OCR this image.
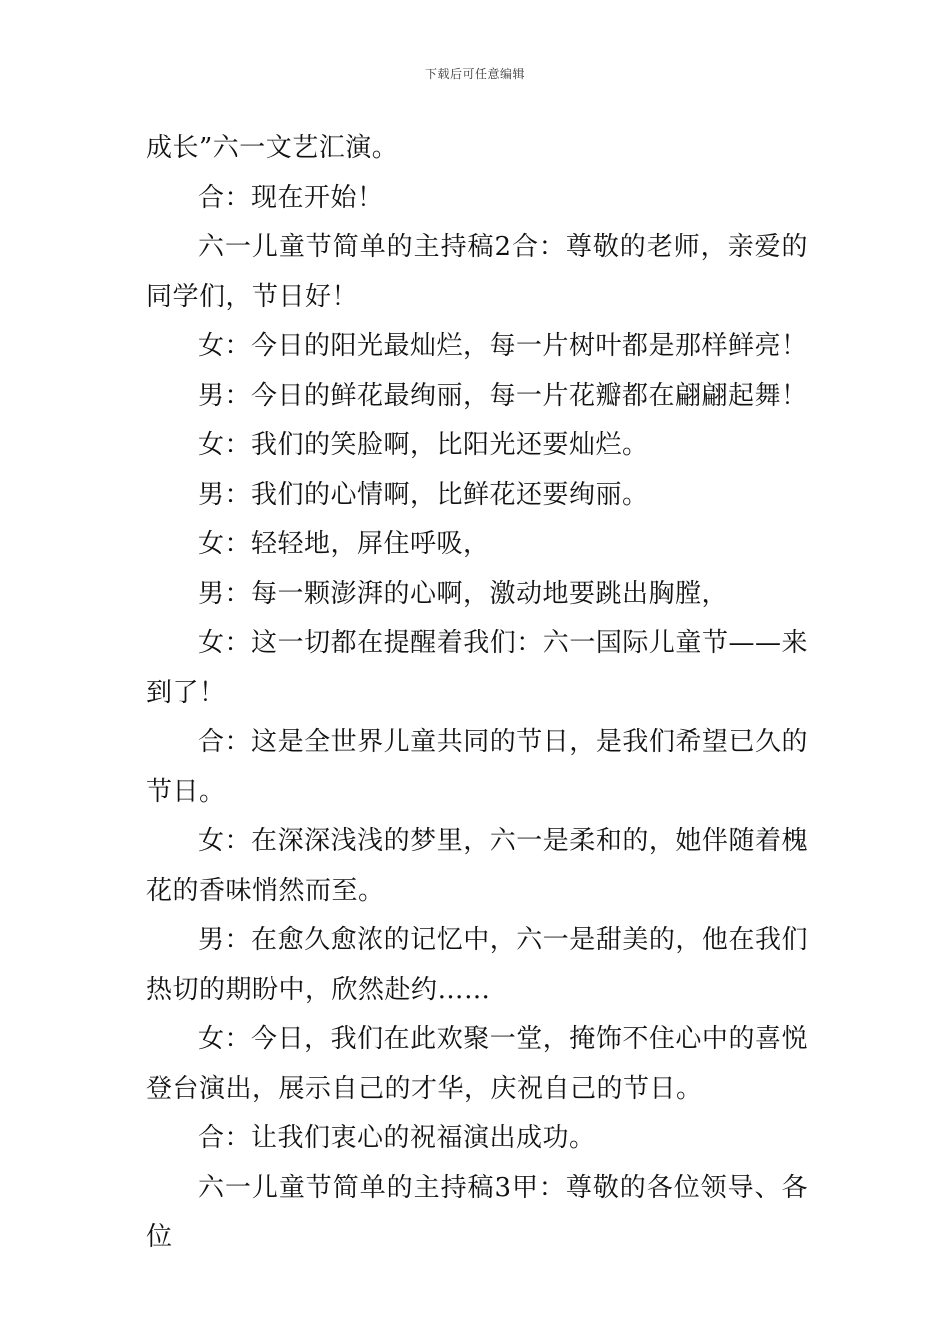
下载后可任意编辑

成长”六一文艺汇演。

合：现在开始！

六一儿童节简单的主持稿2合：尊敬的老师，亲爱的同学们，节日好！

女：今日的阳光最灿烂，每一片树叶都是那样鲜亮！

男：今日的鲜花最绚丽，每一片花瓣都在翩翩起舞！

女：我们的笑脸啊，比阳光还要灿烂。

男：我们的心情啊，比鲜花还要绚丽。

女：轻轻地，屏住呼吸，

男：每一颗澎湃的心啊，激动地要跳出胸膛，

女：这一切都在提醒着我们：六一国际儿童节——来到了！

合：这是全世界儿童共同的节日，是我们希望已久的节日。

女：在深深浅浅的梦里，六一是柔和的，她伴随着槐花的香味悄然而至。

男：在愈久愈浓的记忆中，六一是甜美的，他在我们热切的期盼中，欣然赴约……

女：今日，我们在此欢聚一堂，掩饰不住心中的喜悦登台演出，展示自己的才华，庆祝自己的节日。

合：让我们衷心的祝福演出成功。

六一儿童节简单的主持稿3甲：尊敬的各位领导、各位
